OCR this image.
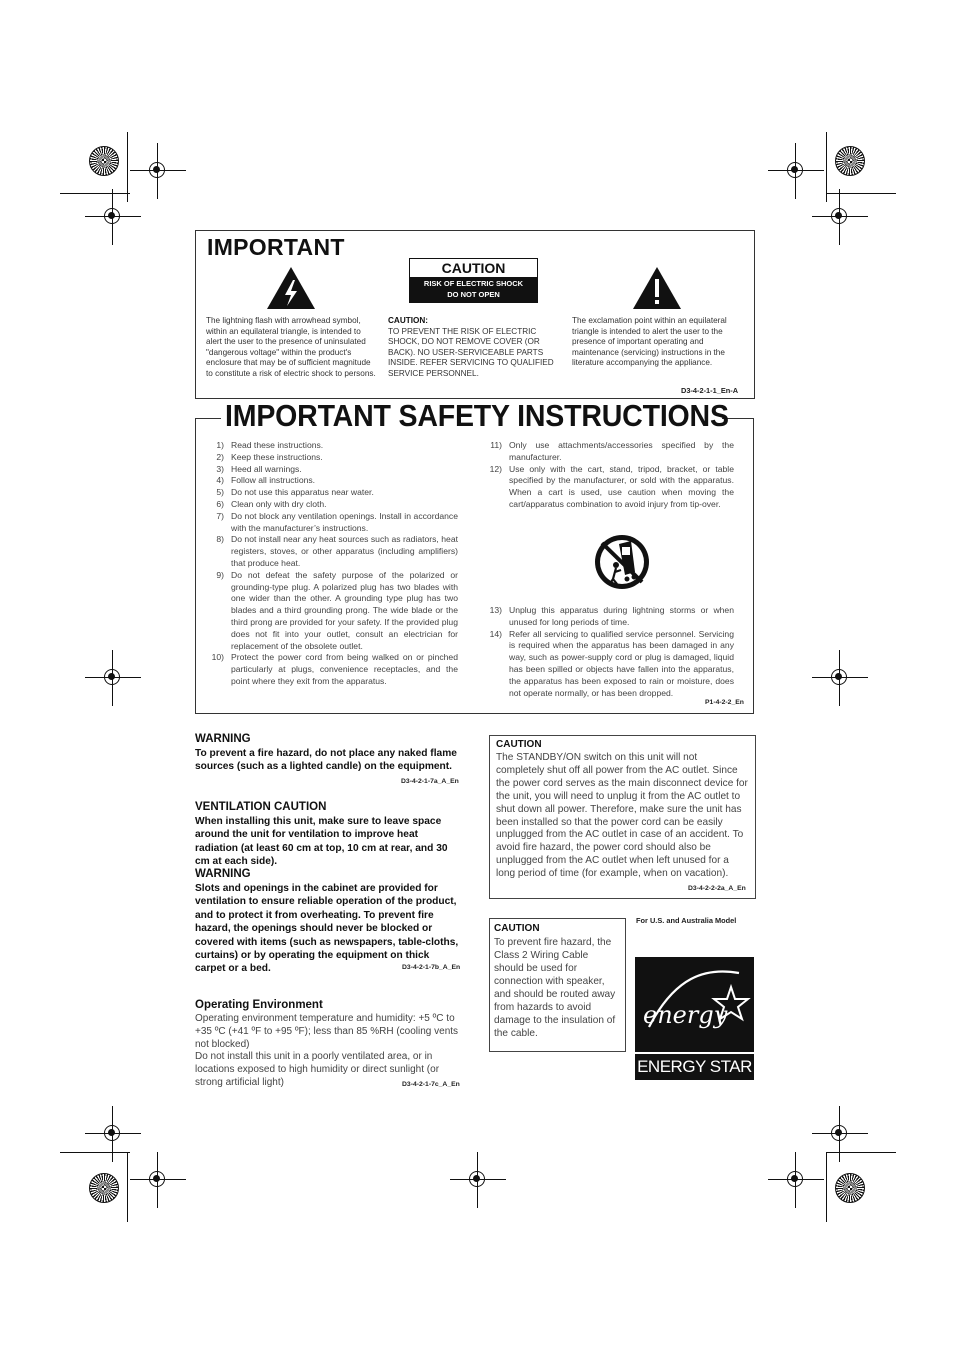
IMPORTANT
CAUTION
RISK OF ELECTRIC SHOCK
DO NOT OPEN
The lightning flash with arrowhead symbol, within an equilateral triangle, is intended to alert the user to the presence of uninsulated "dangerous voltage" within the product's enclosure that may be of sufficient magnitude to constitute a risk of electric shock to persons.
CAUTION:
TO PREVENT THE RISK OF ELECTRIC SHOCK, DO NOT REMOVE COVER (OR BACK). NO USER-SERVICEABLE PARTS INSIDE. REFER SERVICING TO QUALIFIED SERVICE PERSONNEL.
The exclamation point within an equilateral triangle is intended to alert the user to the presence of important operating and maintenance (servicing) instructions in the literature accompanying the appliance.
D3-4-2-1-1_En-A
IMPORTANT SAFETY INSTRUCTIONS
1) Read these instructions.
2) Keep these instructions.
3) Heed all warnings.
4) Follow all instructions.
5) Do not use this apparatus near water.
6) Clean only with dry cloth.
7) Do not block any ventilation openings. Install in accordance with the manufacturer’s instructions.
8) Do not install near any heat sources such as radiators, heat registers, stoves, or other apparatus (including amplifiers) that produce heat.
9) Do not defeat the safety purpose of the polarized or grounding-type plug. A polarized plug has two blades with one wider than the other. A grounding type plug has two blades and a third grounding prong. The wide blade or the third prong are provided for your safety. If the provided plug does not fit into your outlet, consult an electrician for replacement of the obsolete outlet.
10) Protect the power cord from being walked on or pinched particularly at plugs, convenience receptacles, and the point where they exit from the apparatus.
11) Only use attachments/accessories specified by the manufacturer.
12) Use only with the cart, stand, tripod, bracket, or table specified by the manufacturer, or sold with the apparatus. When a cart is used, use caution when moving the cart/apparatus combination to avoid injury from tip-over.
13) Unplug this apparatus during lightning storms or when unused for long periods of time.
14) Refer all servicing to qualified service personnel. Servicing is required when the apparatus has been damaged in any way, such as power-supply cord or plug is damaged, liquid has been spilled or objects have fallen into the apparatus, the apparatus has been exposed to rain or moisture, does not operate normally, or has been dropped.
P1-4-2-2_En
WARNING
To prevent a fire hazard, do not place any naked flame sources (such as a lighted candle) on the equipment.
D3-4-2-1-7a_A_En
VENTILATION CAUTION
When installing this unit, make sure to leave space around the unit for ventilation to improve heat radiation (at least 60 cm at top, 10 cm at rear, and 30 cm at each side).
WARNING
Slots and openings in the cabinet are provided for ventilation to ensure reliable operation of the product, and to protect it from overheating. To prevent fire hazard, the openings should never be blocked or covered with items (such as newspapers, table-cloths, curtains) or by operating the equipment on thick carpet or a bed.	D3-4-2-1-7b_A_En
Operating Environment
Operating environment temperature and humidity: +5 ºC to +35 ºC (+41 ºF to +95 ºF); less than 85 %RH (cooling vents not blocked)
Do not install this unit in a poorly ventilated area, or in locations exposed to high humidity or direct sunlight (or strong artificial light)	D3-4-2-1-7c_A_En
CAUTION
The STANDBY/ON switch on this unit will not completely shut off all power from the AC outlet. Since the power cord serves as the main disconnect device for the unit, you will need to unplug it from the AC outlet to shut down all power. Therefore, make sure the unit has been installed so that the power cord can be easily unplugged from the AC outlet in case of an accident. To avoid fire hazard, the power cord should also be unplugged from the AC outlet when left unused for a long period of time (for example, when on vacation).
D3-4-2-2-2a_A_En
CAUTION
To prevent fire hazard, the Class 2 Wiring Cable should be used for connection with speaker, and should be routed away from hazards to avoid damage to the insulation of the cable.
For U.S. and Australia Model
energy
ENERGY STAR
